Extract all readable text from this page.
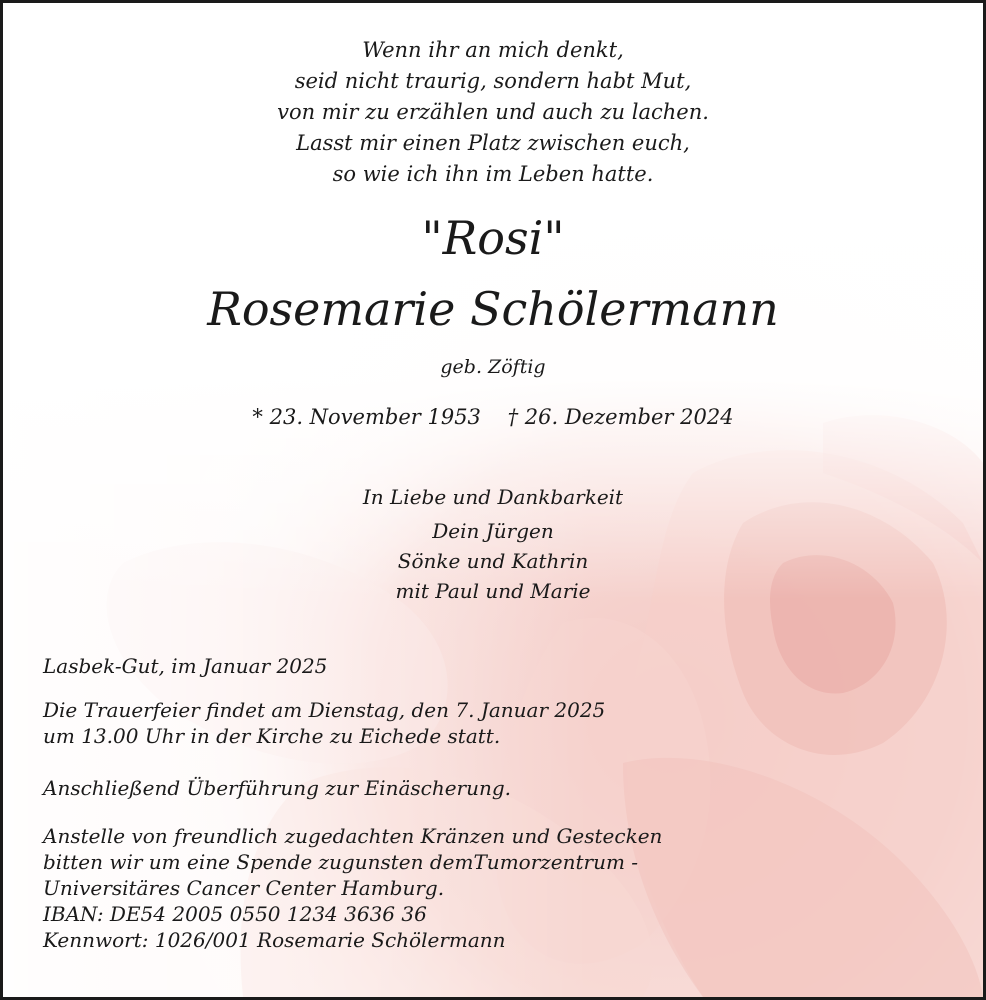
Wenn ihr an mich denkt,
seid nicht traurig, sondern habt Mut,
von mir zu erzählen und auch zu lachen.
Lasst mir einen Platz zwischen euch,
so wie ich ihn im Leben hatte.
"Rosi"
Rosemarie Schölermann
geb. Zöftig
* 23. November 1953 † 26. Dezember 2024
In Liebe und Dankbarkeit
Dein Jürgen
Sönke und Kathrin
mit Paul und Marie
Lasbek-Gut, im Januar 2025
Die Trauerfeier findet am Dienstag, den 7. Januar 2025
um 13.00 Uhr in der Kirche zu Eichede statt.
Anschließend Überführung zur Einäscherung.
Anstelle von freundlich zugedachten Kränzen und Gestecken
bitten wir um eine Spende zugunsten demTumorzentrum -
Universitäres Cancer Center Hamburg.
IBAN: DE54 2005 0550 1234 3636 36
Kennwort: 1026/001 Rosemarie Schölermann
